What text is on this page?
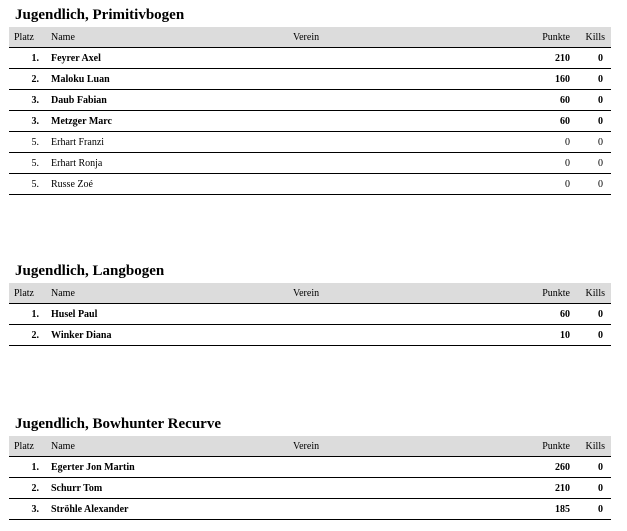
Jugendlich, Primitivbogen
Platz	Name	Verein	Punkte	Kills
1.	Feyrer Axel		210	0
2.	Maloku Luan		160	0
3.	Daub Fabian		60	0
3.	Metzger Marc		60	0
5.	Erhart Franzi		0	0
5.	Erhart Ronja		0	0
5.	Russe Zoé		0	0
Jugendlich, Langbogen
Platz	Name	Verein	Punkte	Kills
1.	Husel Paul		60	0
2.	Winker Diana		10	0
Jugendlich, Bowhunter Recurve
Platz	Name	Verein	Punkte	Kills
1.	Egerter Jon Martin		260	0
2.	Schurr Tom		210	0
3.	Ströhle Alexander		185	0
